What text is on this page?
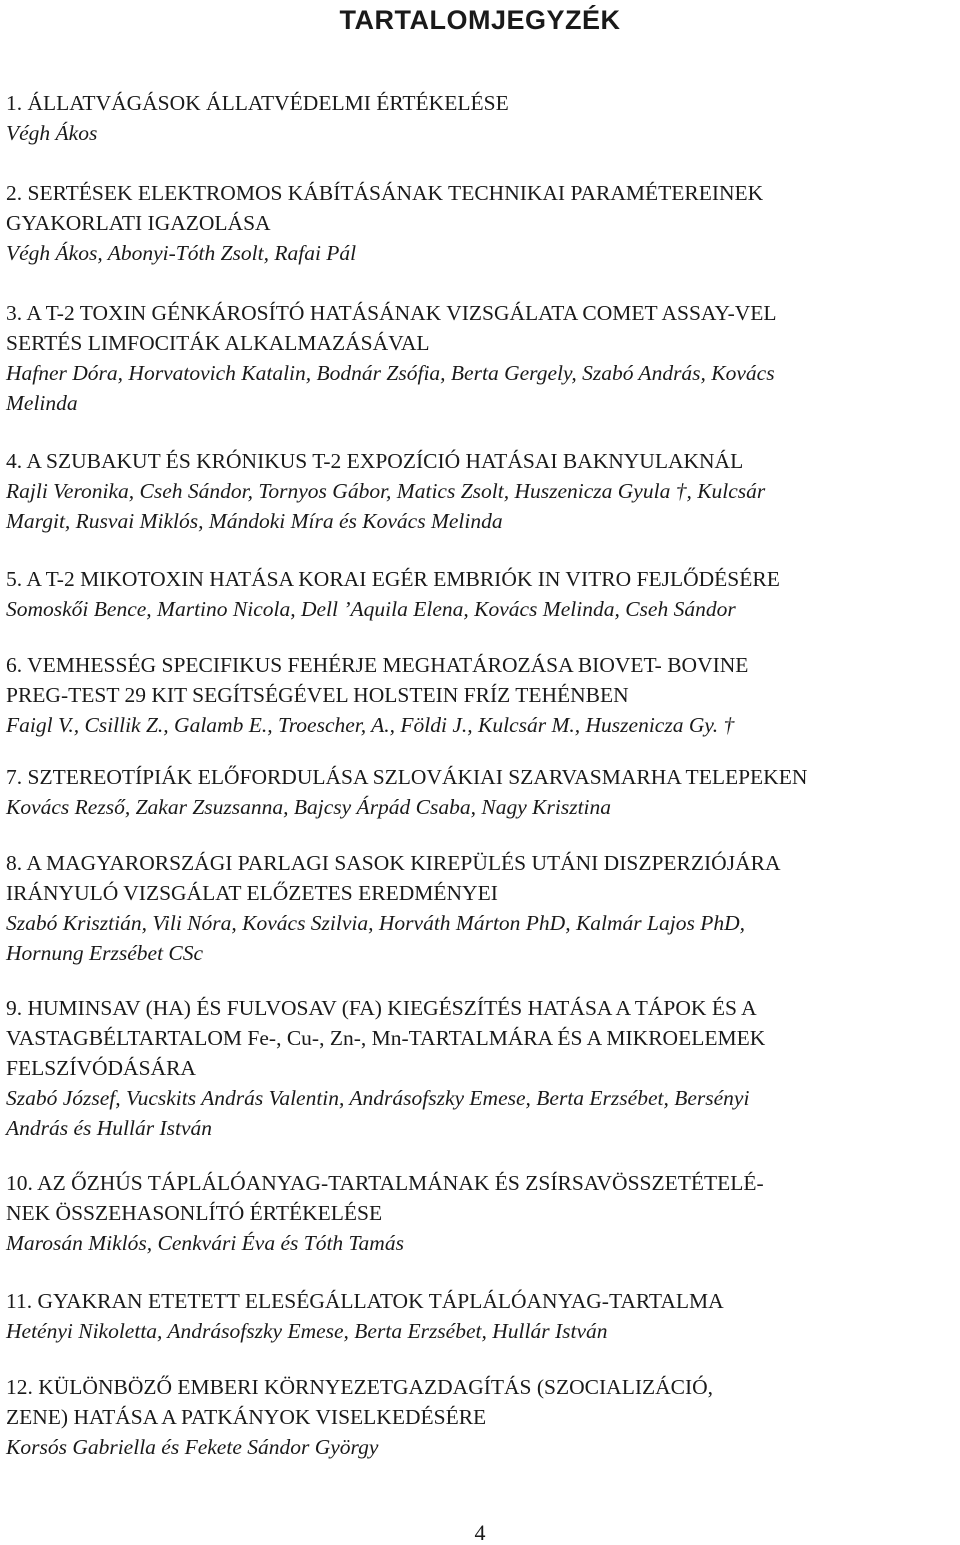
TARTALOMJEGYZÉK
1. ÁLLATVÁGÁSOK ÁLLATVÉDELMI ÉRTÉKELÉSE
Végh Ákos
2. SERTÉSEK ELEKTROMOS KÁBÍTÁSÁNAK TECHNIKAI PARAMÉTEREINEK
GYAKORLATI IGAZOLÁSA
Végh Ákos, Abonyi-Tóth Zsolt, Rafai Pál
3. A T-2 TOXIN GÉNKÁROSÍTÓ HATÁSÁNAK VIZSGÁLATA COMET ASSAY-VEL
SERTÉS LIMFOCITÁK ALKALMAZÁSÁVAL
Hafner Dóra, Horvatovich Katalin, Bodnár Zsófia, Berta Gergely, Szabó András, Kovács
Melinda
4. A SZUBAKUT ÉS KRÓNIKUS T-2 EXPOZÍCIÓ HATÁSAI BAKNYULAKNÁL
Rajli Veronika, Cseh Sándor, Tornyos Gábor, Matics Zsolt, Huszenicza Gyula †, Kulcsár
Margit, Rusvai Miklós, Mándoki Míra és Kovács Melinda
5. A T-2 MIKOTOXIN HATÁSA KORAI EGÉR EMBRIÓK IN VITRO FEJLŐDÉSÉRE
Somoskői Bence, Martino Nicola, Dell ’Aquila Elena, Kovács Melinda, Cseh Sándor
6. VEMHESSÉG SPECIFIKUS FEHÉRJE MEGHATÁROZÁSA BIOVET- BOVINE
PREG-TEST 29 KIT SEGÍTSÉGÉVEL HOLSTEIN FRÍZ TEHÉNBEN
Faigl V., Csillik Z., Galamb E., Troescher, A., Földi J., Kulcsár M., Huszenicza Gy. †
7. SZTEREOTÍPIÁK ELŐFORDULÁSA SZLOVÁKIAI SZARVASMARHA TELEPEKEN
Kovács Rezső, Zakar Zsuzsanna, Bajcsy Árpád Csaba, Nagy Krisztina
8. A MAGYARORSZÁGI PARLAGI SASOK KIREPÜLÉS UTÁNI DISZPERZIÓJÁRA
IRÁNYULÓ VIZSGÁLAT ELŐZETES EREDMÉNYEI
Szabó Krisztián, Vili Nóra, Kovács Szilvia, Horváth Márton PhD, Kalmár Lajos PhD,
Hornung Erzsébet CSc
9. HUMINSAV (HA) ÉS FULVOSAV (FA) KIEGÉSZÍTÉS HATÁSA A TÁPOK ÉS A
VASTAGBÉLTARTALOM Fe-, Cu-, Zn-, Mn-TARTALMÁRA ÉS A MIKROELEMEK
FELSZÍVÓDÁSÁRA
Szabó József, Vucskits András Valentin, Andrásofszky Emese, Berta Erzsébet, Bersényi
András és Hullár István
10. AZ ŐZHÚS TÁPLÁLÓANYAG-TARTALMÁNAK ÉS ZSÍRSAVÖSSZETÉTELÉ-
NEK ÖSSZEHASONLÍTÓ ÉRTÉKELÉSE
Marosán Miklós, Cenkvári Éva és Tóth Tamás
11. GYAKRAN ETETETT ELESÉGÁLLATOK TÁPLÁLÓANYAG-TARTALMA
Hetényi Nikoletta, Andrásofszky Emese, Berta Erzsébet, Hullár István
12. KÜLÖNBÖZŐ EMBERI KÖRNYEZETGAZDAGÍTÁS (SZOCIALIZÁCIÓ,
ZENE) HATÁSA A PATKÁNYOK VISELKEDÉSÉRE
Korsós Gabriella és Fekete Sándor György
4
